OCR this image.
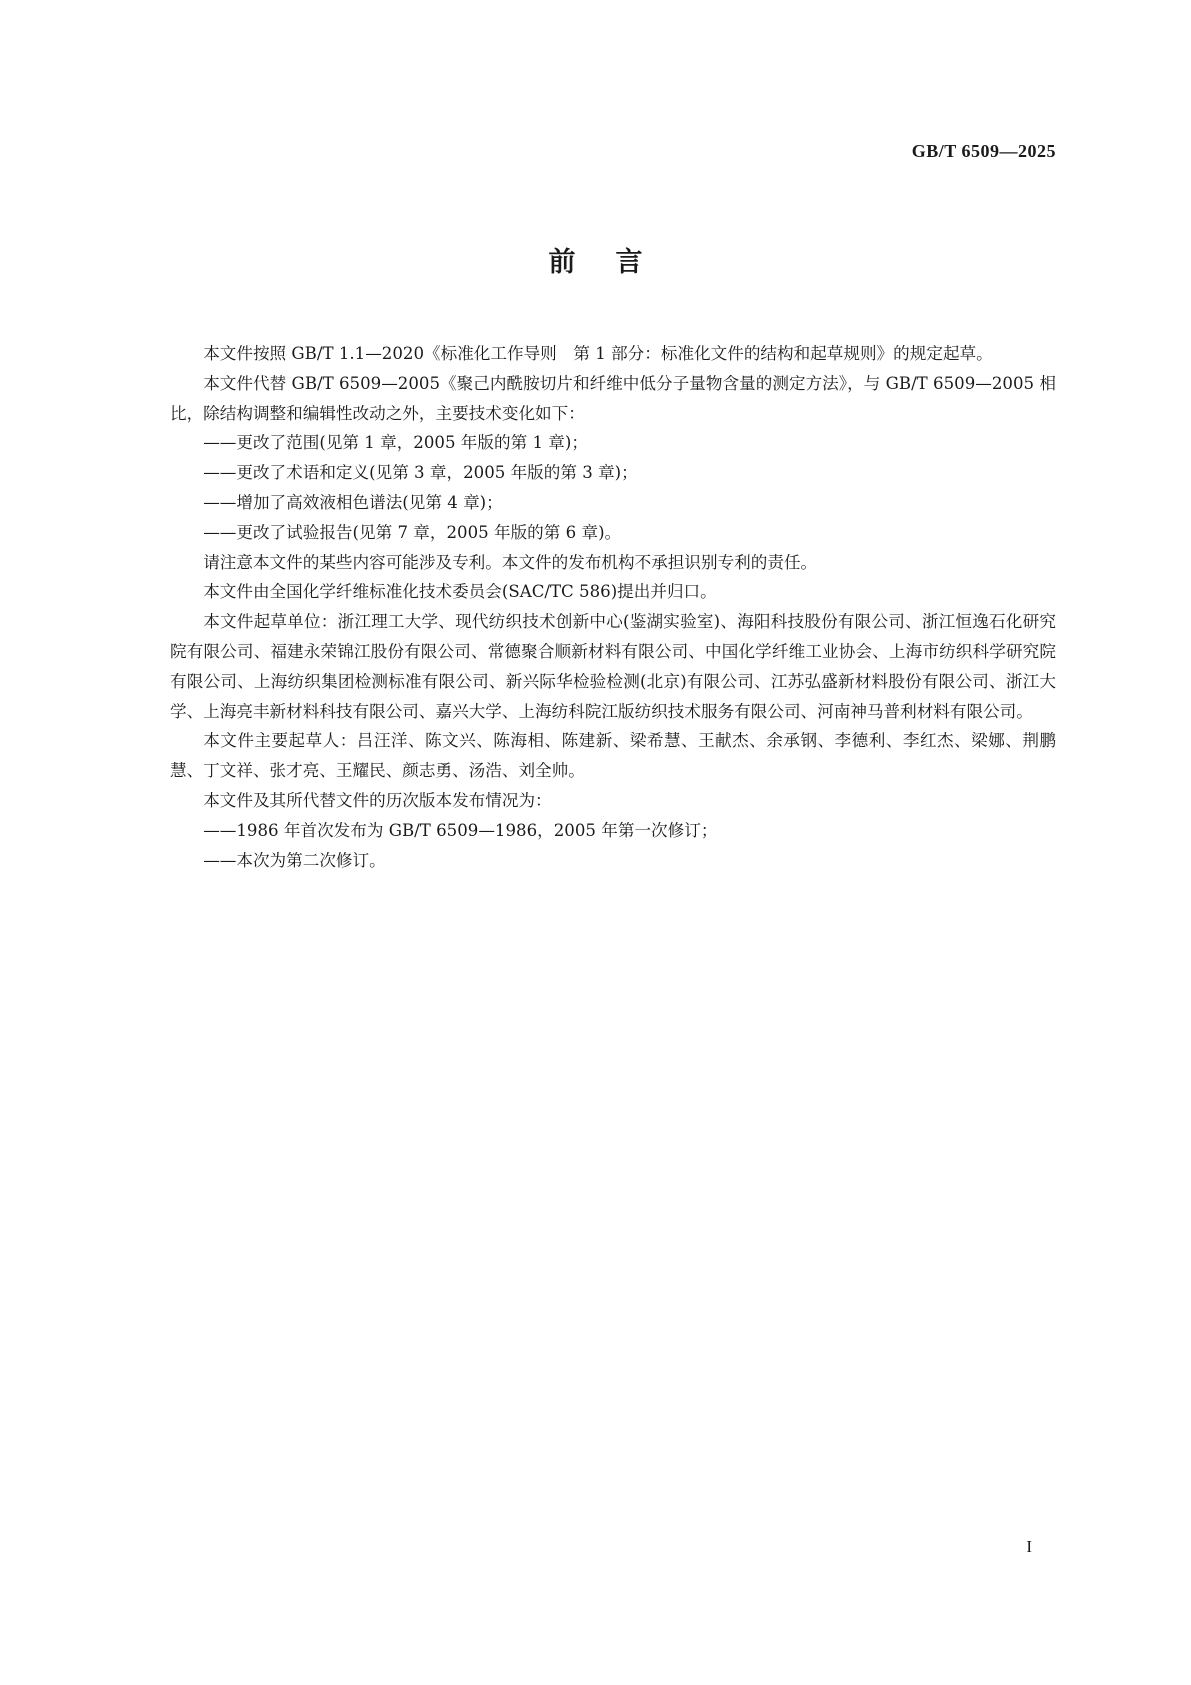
GB/T 6509—2025
前言

本文件按照 GB/T 1.1—2020《标准化工作导则　第 1 部分：标准化文件的结构和起草规则》的规定起草。

本文件代替 GB/T 6509—2005《聚己内酰胺切片和纤维中低分子量物含量的测定方法》，与 GB/T 6509—2005 相比，除结构调整和编辑性改动之外，主要技术变化如下：

——更改了范围(见第 1 章，2005 年版的第 1 章)；

——更改了术语和定义(见第 3 章，2005 年版的第 3 章)；

——增加了高效液相色谱法(见第 4 章)；

——更改了试验报告(见第 7 章，2005 年版的第 6 章)。

请注意本文件的某些内容可能涉及专利。本文件的发布机构不承担识别专利的责任。

本文件由全国化学纤维标准化技术委员会(SAC/TC 586)提出并归口。

本文件起草单位：浙江理工大学、现代纺织技术创新中心(鉴湖实验室)、海阳科技股份有限公司、浙江恒逸石化研究院有限公司、福建永荣锦江股份有限公司、常德聚合顺新材料有限公司、中国化学纤维工业协会、上海市纺织科学研究院有限公司、上海纺织集团检测标准有限公司、新兴际华检验检测(北京)有限公司、江苏弘盛新材料股份有限公司、浙江大学、上海亮丰新材料科技有限公司、嘉兴大学、上海纺科院江版纺织技术服务有限公司、河南神马普利材料有限公司。

本文件主要起草人：吕汪洋、陈文兴、陈海相、陈建新、梁希慧、王献杰、余承钢、李德利、李红杰、梁娜、荆鹏慧、丁文祥、张才亮、王耀民、颜志勇、汤浩、刘全帅。

本文件及其所代替文件的历次版本发布情况为：

——1986 年首次发布为 GB/T 6509—1986，2005 年第一次修订；

——本次为第二次修订。

I
